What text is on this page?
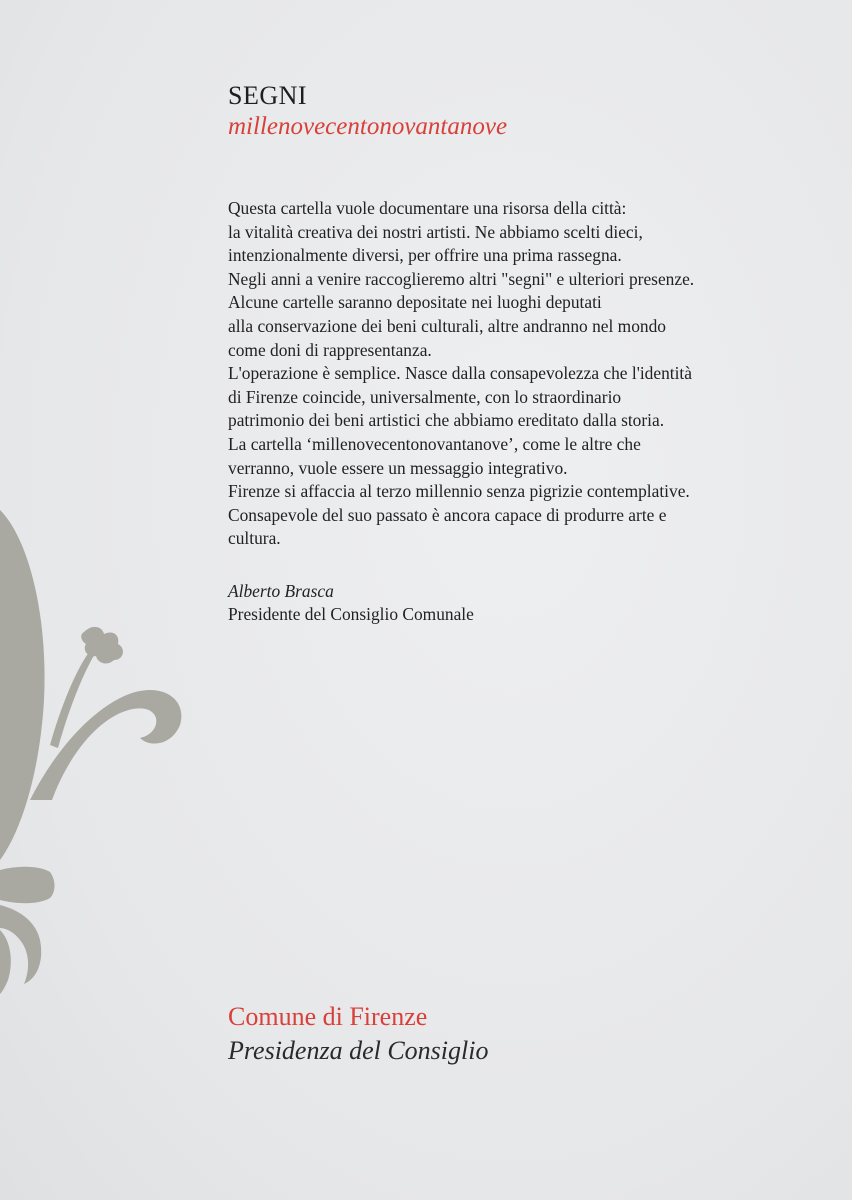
SEGNI

millenovecentonovantanove

Questa cartella vuole documentare una risorsa della città:
la vitalità creativa dei nostri artisti. Ne abbiamo scelti dieci,
intenzionalmente diversi, per offrire una prima rassegna.
Negli anni a venire raccoglieremo altri "segni" e ulteriori presenze.
Alcune cartelle saranno depositate nei luoghi deputati
alla conservazione dei beni culturali, altre andranno nel mondo
come doni di rappresentanza.
L'operazione è semplice. Nasce dalla consapevolezza che l'identità
di Firenze coincide, universalmente, con lo straordinario
patrimonio dei beni artistici che abbiamo ereditato dalla storia.
La cartella ‘millenovecentonovantanove’, come le altre che
verranno, vuole essere un messaggio integrativo.
Firenze si affaccia al terzo millennio senza pigrizie contemplative.
Consapevole del suo passato è ancora capace di produrre arte e
cultura.
Alberto Brasca
Presidente del Consiglio Comunale
Comune di Firenze
Presidenza del Consiglio
